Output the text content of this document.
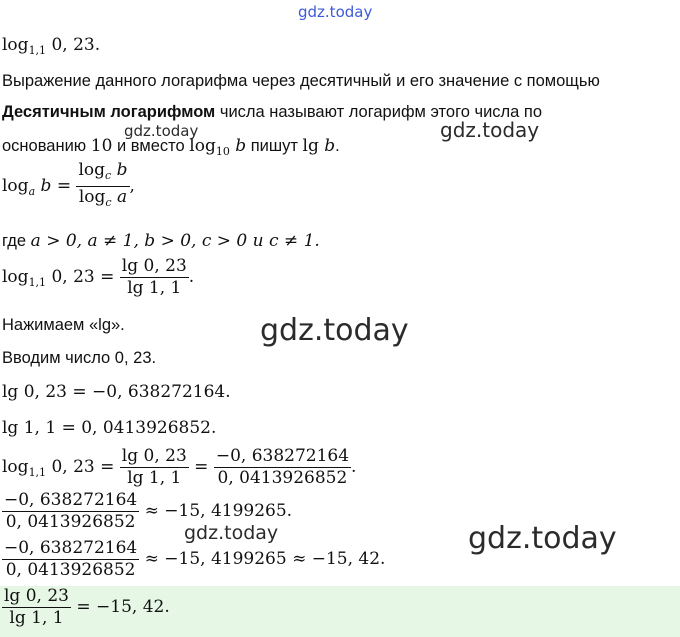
gdz.today
gdz.today	gdz.today
gdz.today
gdz.today	gdz.today
$\log_{1,1} 0$, 23.
Выражение данного логарифма через десятичный и его значение с помощью
Десятичным логарифмом числа называют логарифм этого числа по
основанию 10 и вместо $\log_{10} b$ пишут lg b.
$\log_a b = \frac{\log_c b}{\log_c a}$ ,
где a > 0, a ≠ 1, b > 0, c > 0 и c ≠ 1.
$\log_{1,1} 0$, $23 = \frac{\lg 0, 23}{\lg 1, 1}$ .
Нажимаем «lg».
Вводим число 0, 23.
lg 0, 23 = −0, 638272164.
lg 1, 1 = 0, 0413926852.
$\log_{1,1} 0$, $23 = \frac{\lg 0, 23}{\lg 1, 1} = \frac{-0, 638272164}{0, 0413926852}$ .
$\frac{-0, 638272164}{0, 0413926852} \approx -15$, 4199265.
$\frac{-0, 638272164}{0, 0413926852} \approx -15$, 4199265 ≈ −15, 42.
$\frac{\lg 0, 23}{\lg 1, 1} = -15$, 42.
